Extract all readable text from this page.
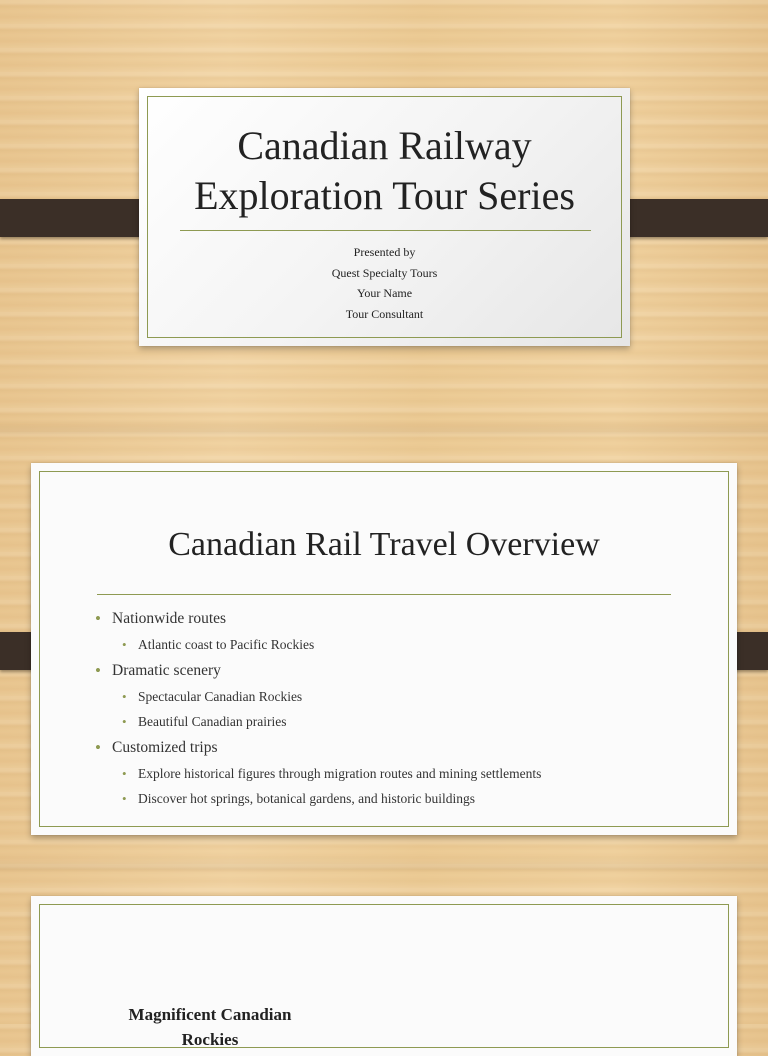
Canadian Railway
Exploration Tour Series
Presented by
Quest Specialty Tours
Your Name
Tour Consultant
Canadian Rail Travel Overview
• Nationwide routes
• Atlantic coast to Pacific Rockies
• Dramatic scenery
• Spectacular Canadian Rockies
• Beautiful Canadian prairies
• Customized trips
• Explore historical figures through migration routes and mining settlements
• Discover hot springs, botanical gardens, and historic buildings
Magnificent Canadian Rockies
